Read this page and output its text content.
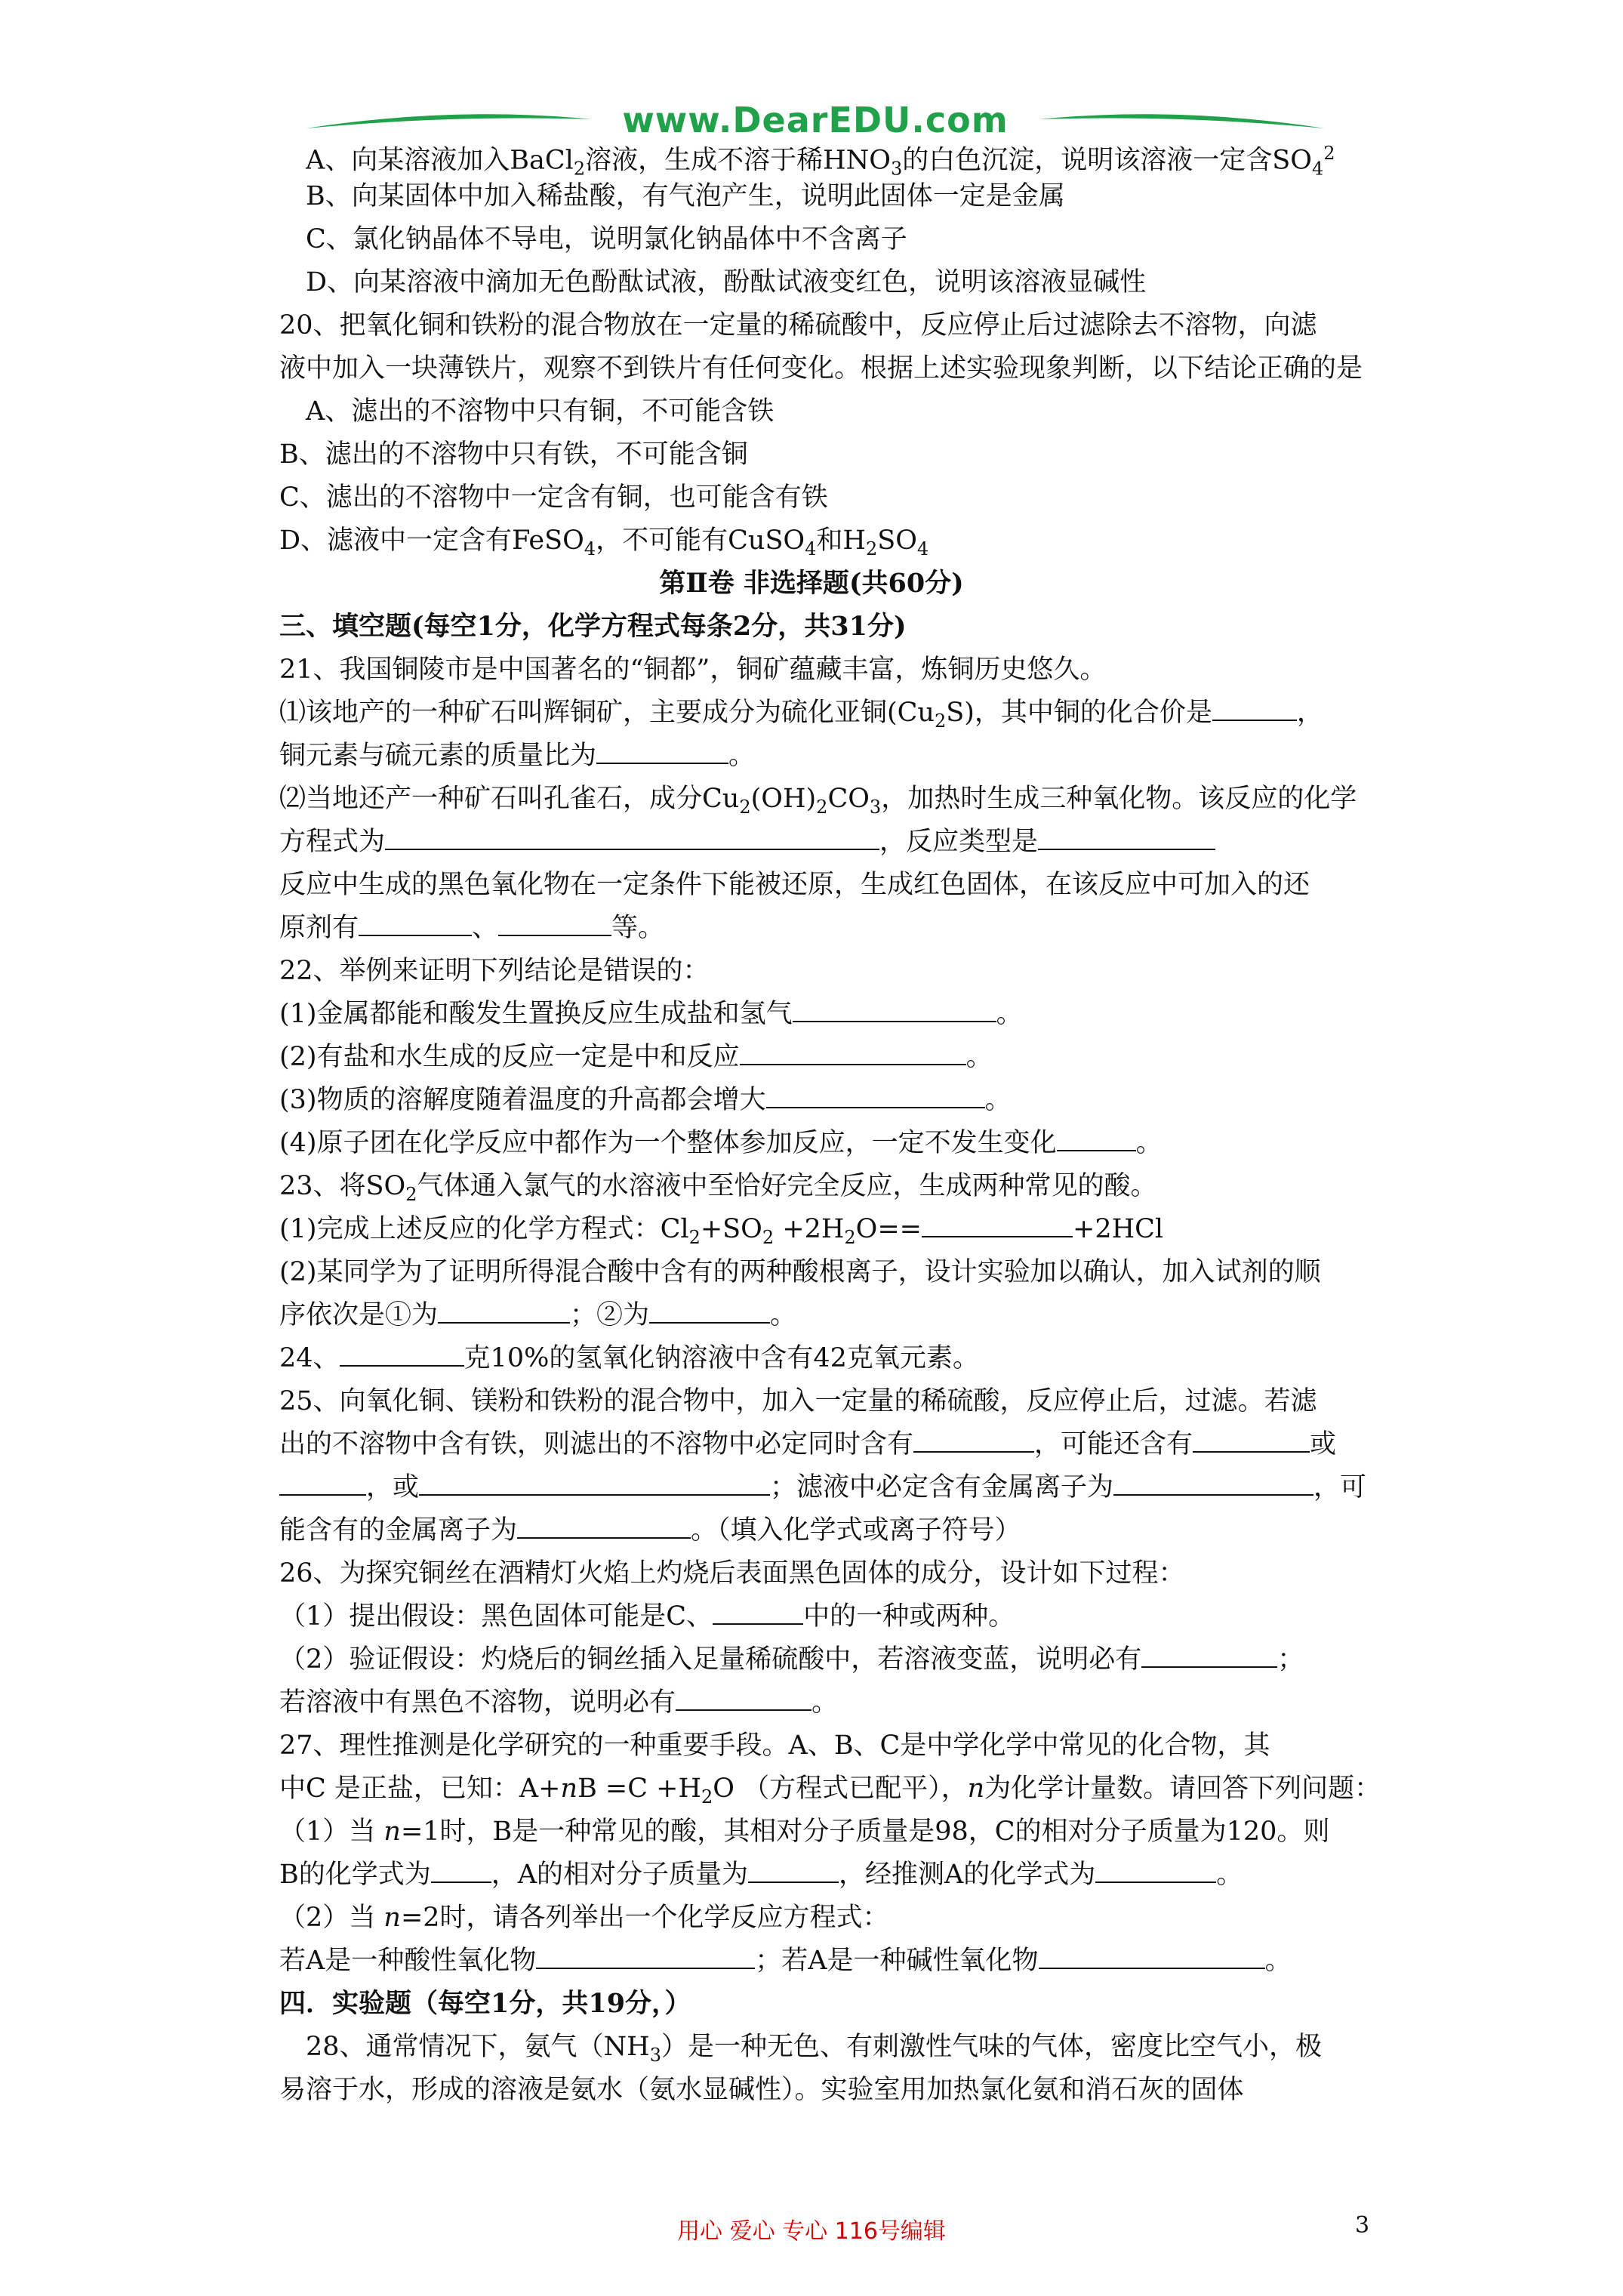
www.DearEDU.com
A、向某溶液加入BaCl$_2$溶液，生成不溶于稀$HNO_3$的白色沉淀，说明该溶液一定含$SO_4^2$
B、向某固体中加入稀盐酸，有气泡产生，说明此固体一定是金属
C、氯化钠晶体不导电，说明氯化钠晶体中不含离子
D、向某溶液中滴加无色酚酞试液，酚酞试液变红色，说明该溶液显碱性
20、把氧化铜和铁粉的混合物放在一定量的稀硫酸中，反应停止后过滤除去不溶物，向滤
液中加入一块薄铁片，观察不到铁片有任何变化。根据上述实验现象判断，以下结论正确的是
A、滤出的不溶物中只有铜，不可能含铁
B、滤出的不溶物中只有铁，不可能含铜
C、滤出的不溶物中一定含有铜，也可能含有铁
D、滤液中一定含有FeSO$_4$，不可能有CuSO$_4$和$H_2SO_4$
第Ⅱ卷 非选择题(共60分)
三、填空题(每空1分，化学方程式每条2分，共31分)
21、我国铜陵市是中国著名的“铜都”，铜矿蕴藏丰富，炼铜历史悠久。
⑴该地产的一种矿石叫辉铜矿，主要成分为硫化亚铜$(Cu_2S)$，其中铜的化合价是	，
铜元素与硫元素的质量比为	。
⑵当地还产一种矿石叫孔雀石，成分$Cu_2(OH)_2CO_3$，加热时生成三种氧化物。该反应的化学
方程式为	，反应类型是
反应中生成的黑色氧化物在一定条件下能被还原，生成红色固体，在该反应中可加入的还
原剂有	、	等。
22、举例来证明下列结论是错误的：
(1)金属都能和酸发生置换反应生成盐和氢气	。
(2)有盐和水生成的反应一定是中和反应	。
(3)物质的溶解度随着温度的升高都会增大	。
(4)原子团在化学反应中都作为一个整体参加反应，一定不发生变化	。
23、将$SO_2$气体通入氯气的水溶液中至恰好完全反应，生成两种常见的酸。
(1)完成上述反应的化学方程式：$Cl_2+SO_2 +2H_2O==$	+2HCl
(2)某同学为了证明所得混合酸中含有的两种酸根离子，设计实验加以确认，加入试剂的顺
序依次是①为	；②为	。
24、	克10%的氢氧化钠溶液中含有42克氧元素。
25、向氧化铜、镁粉和铁粉的混合物中，加入一定量的稀硫酸，反应停止后，过滤。若滤
出的不溶物中含有铁，则滤出的不溶物中必定同时含有	，可能还含有	或
，或	；滤液中必定含有金属离子为	，可
能含有的金属离子为	。（填入化学式或离子符号）
26、为探究铜丝在酒精灯火焰上灼烧后表面黑色固体的成分，设计如下过程：
（1）提出假设：黑色固体可能是C、	中的一种或两种。
（2）验证假设：灼烧后的铜丝插入足量稀硫酸中，若溶液变蓝，说明必有	；
若溶液中有黑色不溶物，说明必有	。
27、理性推测是化学研究的一种重要手段。A、B、C是中学化学中常见的化合物，其
中C 是正盐，已知：$A+nB =C +H_2O$ （方程式已配平），n为化学计量数。请回答下列问题：
（1）当 n=1时，B是一种常见的酸，其相对分子质量是98，C的相对分子质量为120。则
B的化学式为 ，A的相对分子质量为	，经推测A的化学式为	。
（2）当 n=2时，请各列举出一个化学反应方程式：
若A是一种酸性氧化物	；若A是一种碱性氧化物	。
四．实验题（每空1分，共19分，）
28、通常情况下，氨气$(NH_3)$是一种无色、有刺激性气味的气体，密度比空气小，极
易溶于水，形成的溶液是氨水（氨水显碱性）。实验室用加热氯化氨和消石灰的固体
用心 爱心 专心 116号编辑	3
